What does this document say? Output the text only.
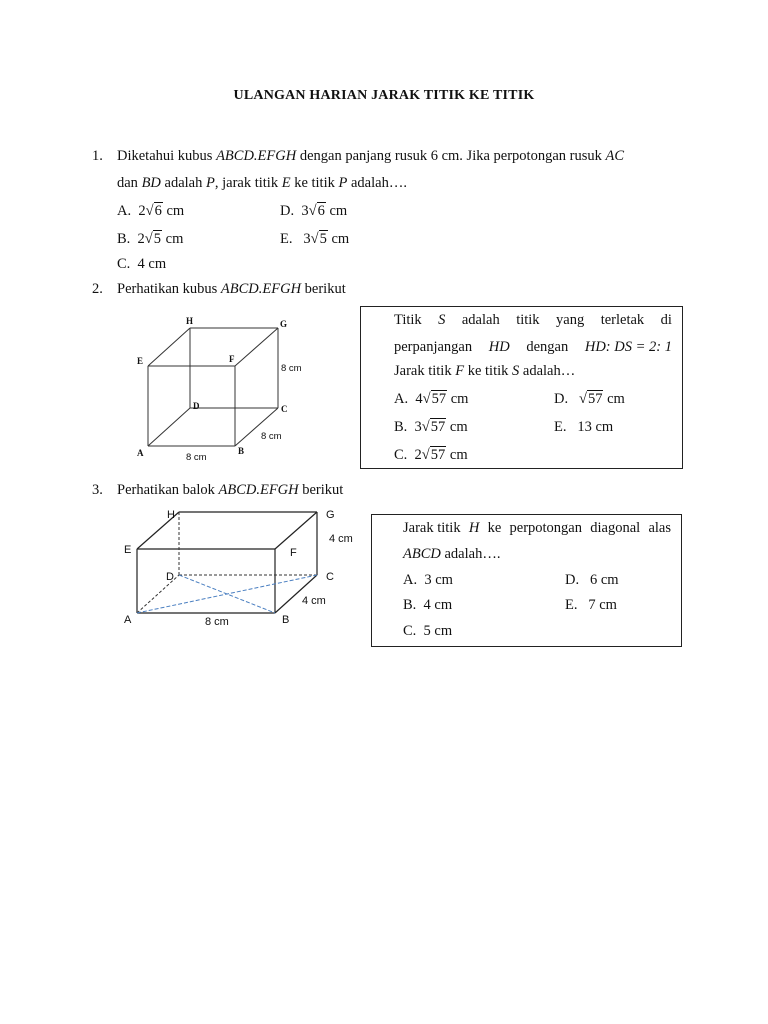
ULANGAN HARIAN JARAK TITIK KE TITIK
1. Diketahui kubus ABCD.EFGH dengan panjang rusuk 6 cm. Jika perpotongan rusuk AC
dan BD adalah P, jarak titik E ke titik P adalah….
A. 2√6 cm
B. 2√5 cm
C. 4 cm
D. 3√6 cm
E. 3√5 cm
2. Perhatikan kubus ABCD.EFGH berikut
H	G
E	F
D	C
A	B
8 cm
8 cm
8 cm
Titik S adalah titik yang terletak di
perpanjangan HD dengan HD: DS = 2: 1
Jarak titik F ke titik S adalah…
A. 4√57 cm
B. 3√57 cm
C. 2√57 cm
D. √57 cm
E. 13 cm
3. Perhatikan balok ABCD.EFGH berikut
H	G
E	F
D	C
A	B
4 cm
4 cm
8 cm
Jarak titik H ke perpotongan diagonal alas
ABCD adalah….
A. 3 cm
B. 4 cm
C. 5 cm
D. 6 cm
E. 7 cm
